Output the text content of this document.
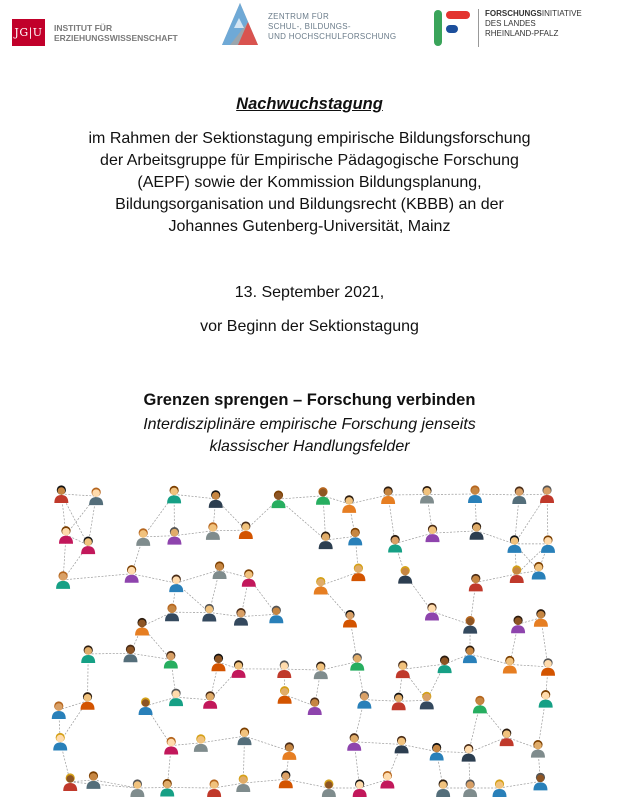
JG|U INSTITUT FÜR
ERZIEHUNGSWISSENSCHAFT
ZENTRUM FÜR
SCHUL-, BILDUNGS-
UND HOCHSCHULFORSCHUNG
FORSCHUNGSINITIATIVE
DES LANDES
RHEINLAND-PFALZ
Nachwuchstagung
im Rahmen der Sektionstagung empirische Bildungsforschung
der Arbeitsgruppe für Empirische Pädagogische Forschung
(AEPF) sowie der Kommission Bildungsplanung,
Bildungsorganisation und Bildungsrecht (KBBB) an der
Johannes Gutenberg-Universität, Mainz
13. September 2021,
vor Beginn der Sektionstagung
Grenzen sprengen – Forschung verbinden
Interdisziplinäre empirische Forschung jenseits
klassischer Handlungsfelder
